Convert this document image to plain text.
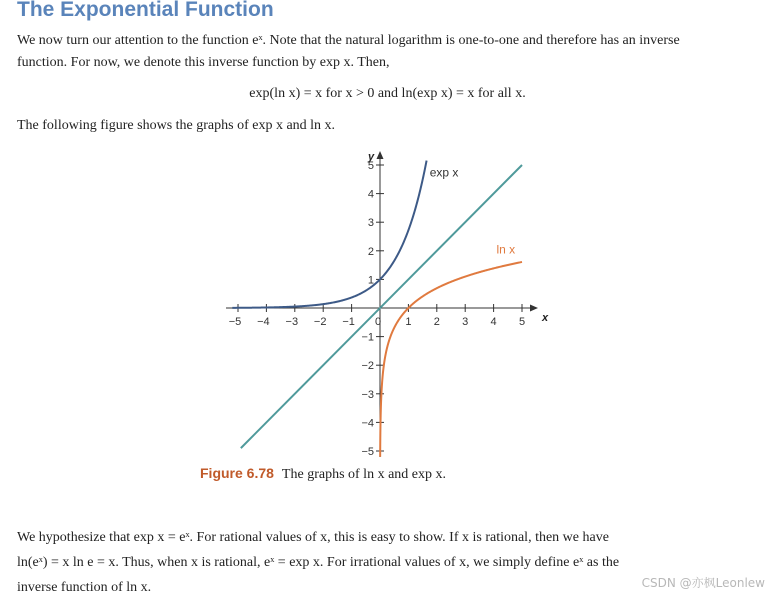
The Exponential Function
We now turn our attention to the function eˣ. Note that the natural logarithm is one-to-one and therefore has an inverse
function. For now, we denote this inverse function by exp x. Then,
exp(ln x) = x for x > 0 and ln(exp x) = x for all x.
The following figure shows the graphs of exp x and ln x.
x
y
−5 −4 −3 −2 −1 0 1 2 3 4 5
5
4
3
2
1
−1
−2
−3
−4
−5
exp x
ln x
Figure 6.78 The graphs of ln x and exp x.
We hypothesize that exp x = eˣ. For rational values of x, this is easy to show. If x is rational, then we have
ln(eˣ) = x ln e = x. Thus, when x is rational, eˣ = exp x. For irrational values of x, we simply define eˣ as the
inverse function of ln x.	CSDN @亦枫Leonlew
